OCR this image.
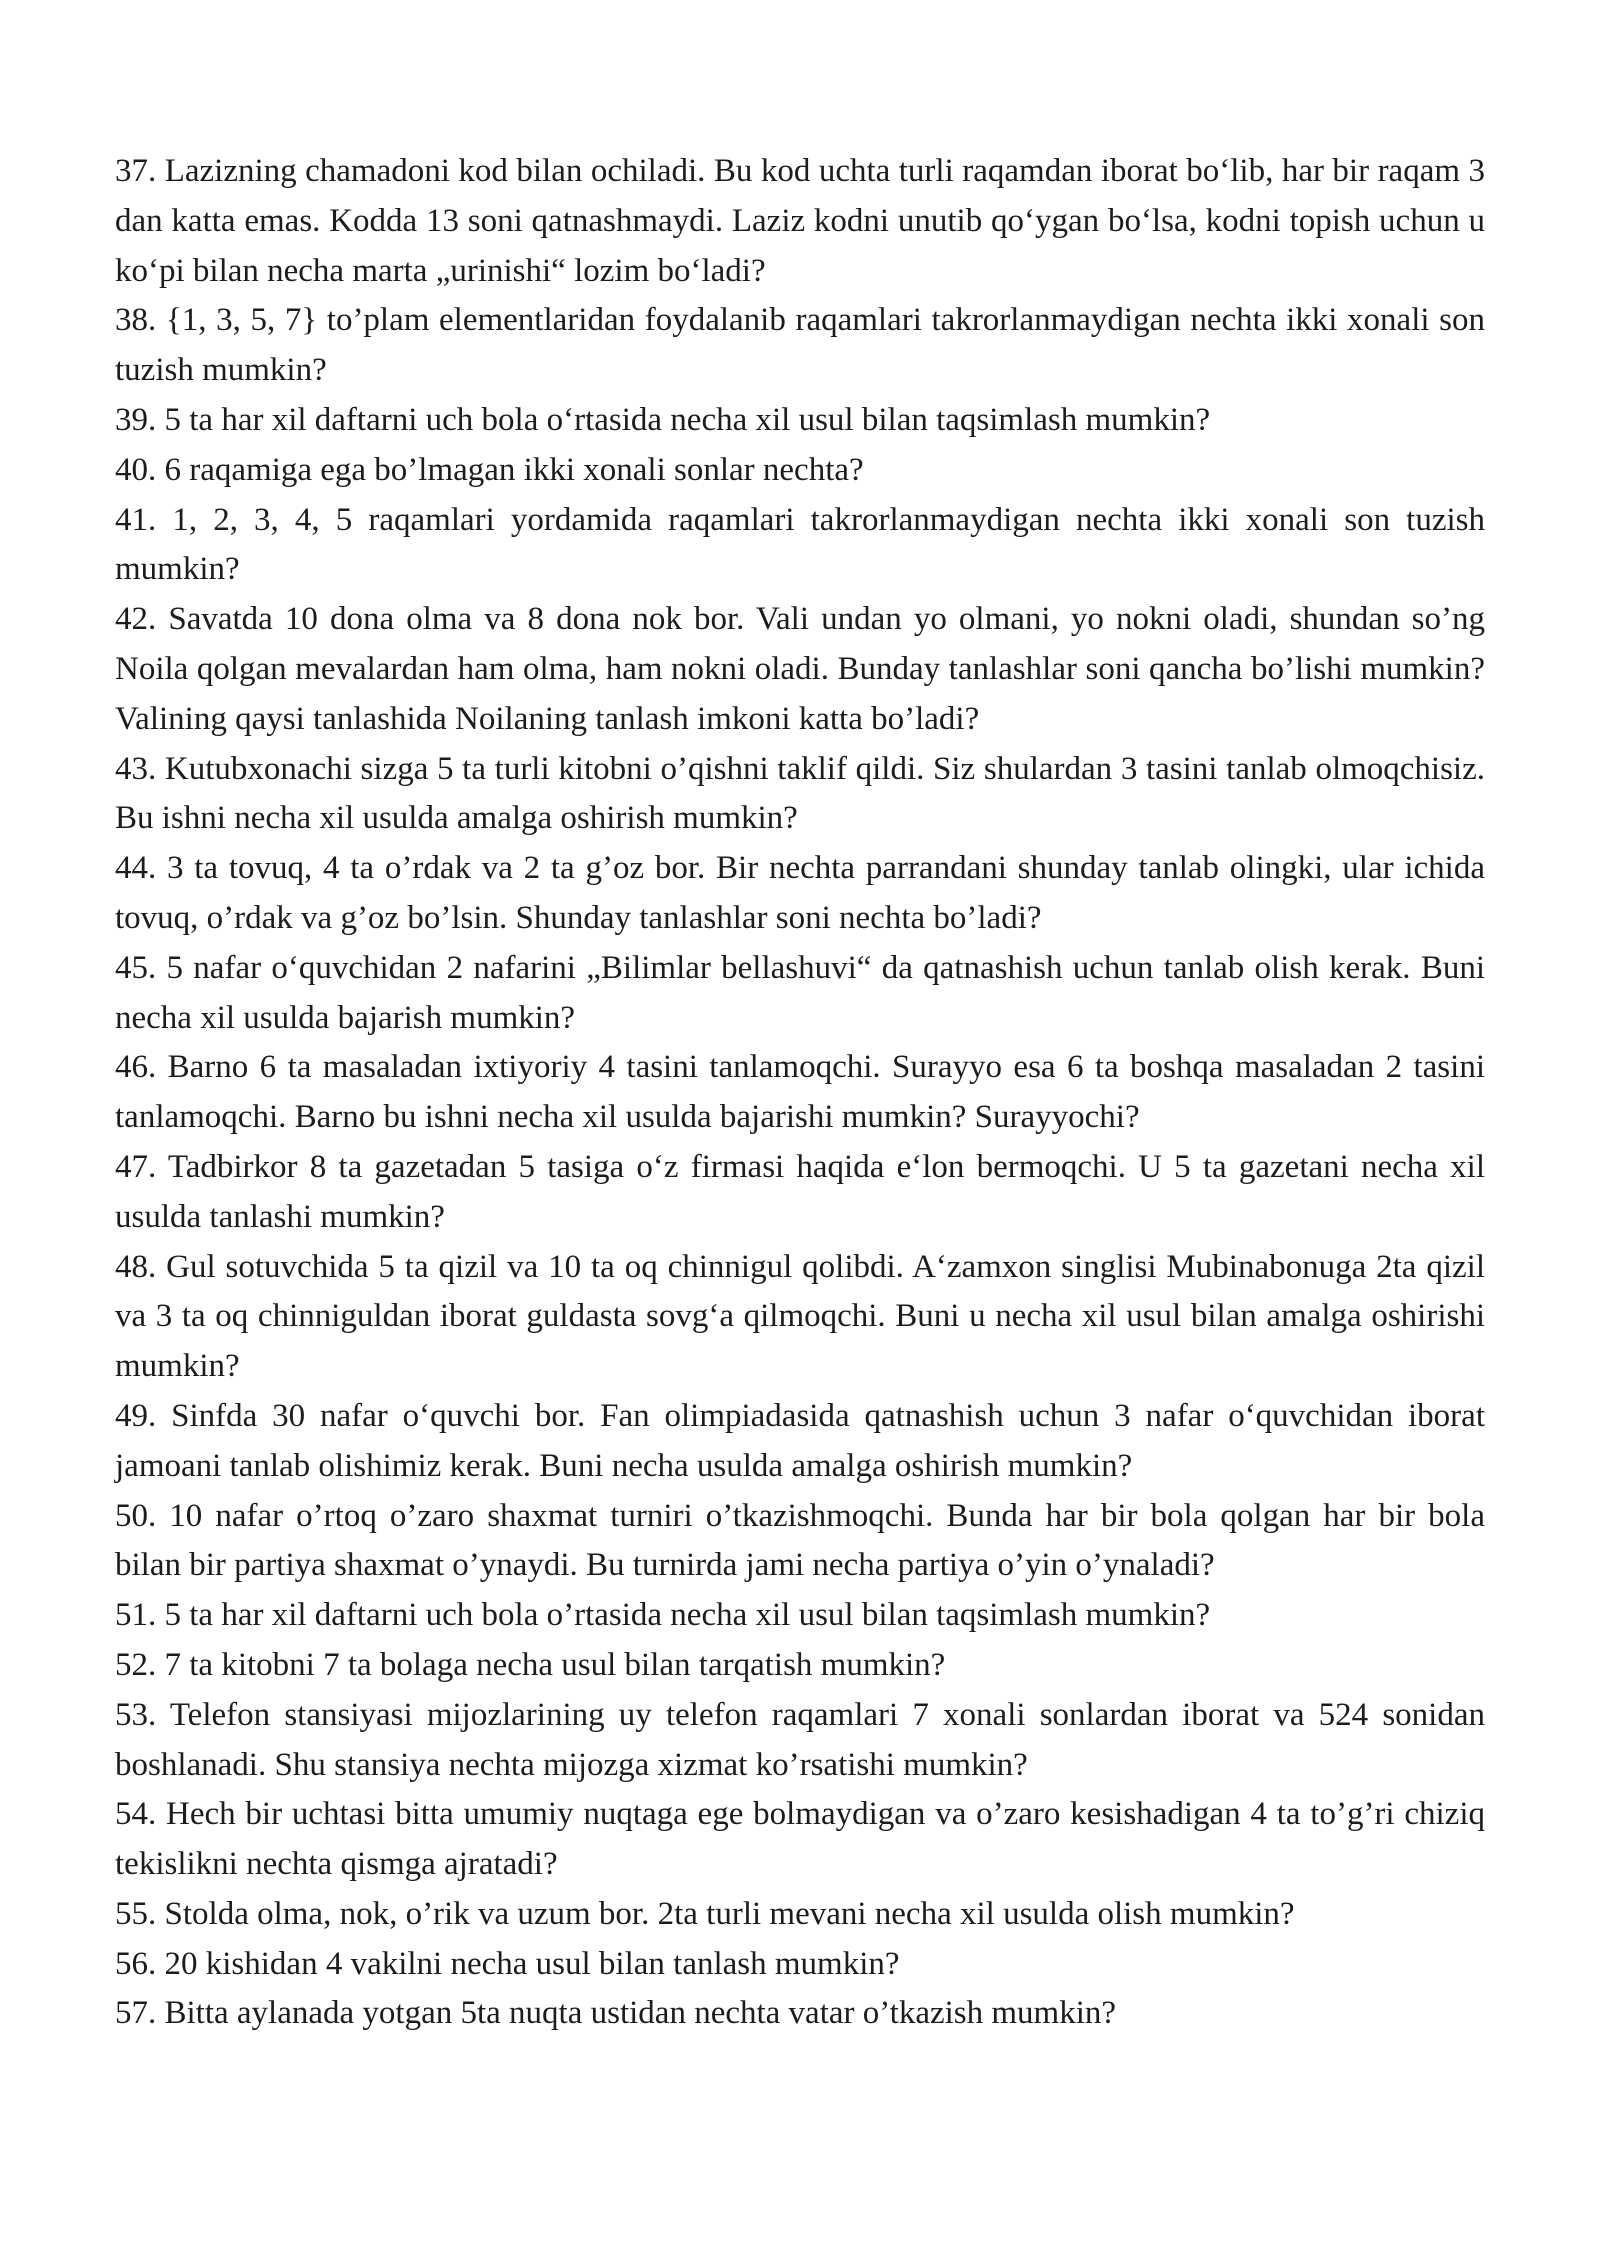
37. Lazizning chamadoni kod bilan ochiladi. Bu kod uchta turli raqamdan iborat bo‘lib, har bir raqam 3 dan katta emas. Kodda 13 soni qatnashmaydi. Laziz kodni unutib qo‘ygan bo‘lsa, kodni topish uchun u ko‘pi bilan necha marta „urinishi“ lozim bo‘ladi?

38. {1, 3, 5, 7} to’plam elementlaridan foydalanib raqamlari takrorlanmaydigan nechta ikki xonali son tuzish mumkin?

39. 5 ta har xil daftarni uch bola o‘rtasida necha xil usul bilan taqsimlash mumkin?

40. 6 raqamiga ega bo’lmagan ikki xonali sonlar nechta?

41. 1, 2, 3, 4, 5 raqamlari yordamida raqamlari takrorlanmaydigan nechta ikki xonali son tuzish mumkin?

42. Savatda 10 dona olma va 8 dona nok bor. Vali undan yo olmani, yo nokni oladi, shundan so’ng Noila qolgan mevalardan ham olma, ham nokni oladi. Bunday tanlashlar soni qancha bo’lishi mumkin? Valining qaysi tanlashida Noilaning tanlash imkoni katta bo’ladi?

43. Kutubxonachi sizga 5 ta turli kitobni o’qishni taklif qildi. Siz shulardan 3 tasini tanlab olmoqchisiz. Bu ishni necha xil usulda amalga oshirish mumkin?

44. 3 ta tovuq, 4 ta o’rdak va 2 ta g’oz bor. Bir nechta parrandani shunday tanlab olingki, ular ichida tovuq, o’rdak va g’oz bo’lsin. Shunday tanlashlar soni nechta bo’ladi?

45. 5 nafar o‘quvchidan 2 nafarini „Bilimlar bellashuvi“ da qatnashish uchun tanlab olish kerak. Buni necha xil usulda bajarish mumkin?

46. Barno 6 ta masaladan ixtiyoriy 4 tasini tanlamoqchi. Surayyo esa 6 ta boshqa masaladan 2 tasini tanlamoqchi. Barno bu ishni necha xil usulda bajarishi mumkin? Surayyochi?

47. Tadbirkor 8 ta gazetadan 5 tasiga o‘z firmasi haqida e‘lon bermoqchi. U 5 ta gazetani necha xil usulda tanlashi mumkin?

48. Gul sotuvchida 5 ta qizil va 10 ta oq chinnigul qolibdi. A‘zamxon singlisi Mubinabonuga 2ta qizil va 3 ta oq chinniguldan iborat guldasta sovg‘a qilmoqchi. Buni u necha xil usul bilan amalga oshirishi mumkin?

49. Sinfda 30 nafar o‘quvchi bor. Fan olimpiadasida qatnashish uchun 3 nafar o‘quvchidan iborat jamoani tanlab olishimiz kerak. Buni necha usulda amalga oshirish mumkin?

50. 10 nafar o’rtoq o’zaro shaxmat turniri o’tkazishmoqchi. Bunda har bir bola qolgan har bir bola bilan bir partiya shaxmat o’ynaydi. Bu turnirda jami necha partiya o’yin o’ynaladi?

51. 5 ta har xil daftarni uch bola o’rtasida necha xil usul bilan taqsimlash mumkin?

52. 7 ta kitobni 7 ta bolaga necha usul bilan tarqatish mumkin?

53. Telefon stansiyasi mijozlarining uy telefon raqamlari 7 xonali sonlardan iborat va 524 sonidan boshlanadi. Shu stansiya nechta mijozga xizmat ko’rsatishi mumkin?

54. Hech bir uchtasi bitta umumiy nuqtaga ege bolmaydigan va o’zaro kesishadigan 4 ta to’g’ri chiziq tekislikni nechta qismga ajratadi?

55. Stolda olma, nok, o’rik va uzum bor. 2ta turli mevani necha xil usulda olish mumkin?

56. 20 kishidan 4 vakilni necha usul bilan tanlash mumkin?

57. Bitta aylanada yotgan 5ta nuqta ustidan nechta vatar o’tkazish mumkin?
